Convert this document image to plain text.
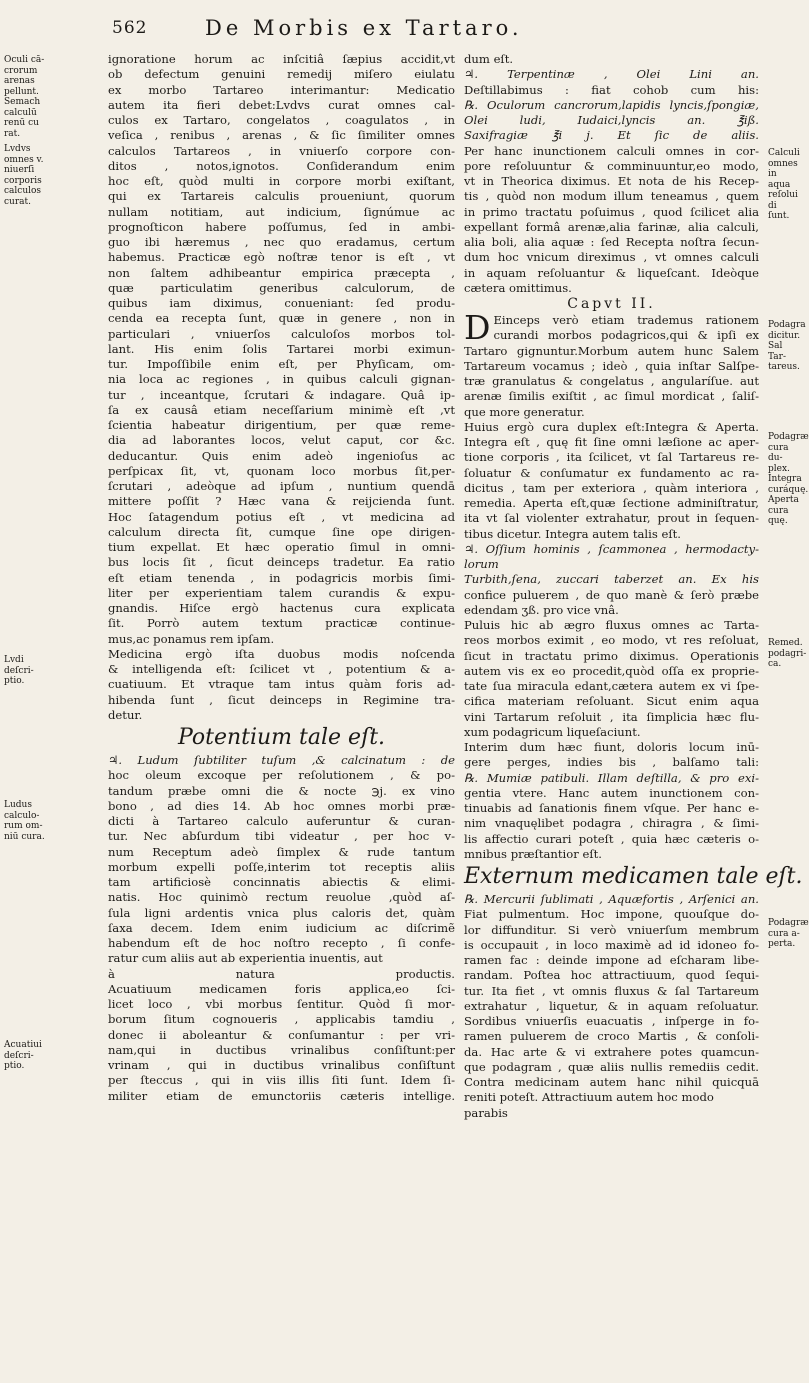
562	De Morbis ex Tartaro.
Oculi cā-
crorum
arenas
pellunt.
Semach
calculū
renū cu
rat.
Lvdvs
omnes v.
niuerſi
corporis
calculos
curat.
Lvdi
deſcri-
ptio.
Ludus
calculo-
rum om-
niū cura.
Acuatiui
deſcri-
ptio.
Calculi
omnes
in aqua
reſolui
di ſunt.
Podagra
dicitur.
Sal Tar-
tareus.
Podagræ
cura du-
plex.
Integra
curáquę.
Aperta
cura quę.
Remed.
podagri-
ca.
Podagræ
cura a-
perta.
ignoratione horum ac inſcitiâ ſæpius accidit,vt
ob defectum genuini remedij miſero eiulatu
ex morbo Tartareo interimantur: Medicatio
autem ita fieri debet:Lvdvs curat omnes cal-
culos ex Tartaro, congelatos , coagulatos , in
veſica , renibus , arenas , & ſic ſimiliter omnes
calculos Tartareos , in vniuerſo corpore con-
ditos , notos,ignotos. Conſiderandum enim
hoc eſt, quòd multi in corpore morbi exiſtant,
qui ex Tartareis calculis proueniunt, quorum
nullam notitiam, aut indicium, ſignúmue ac
prognoſticon habere poſſumus, ſed in ambi-
guo ibi hæremus , nec quo eradamus, certum
habemus. Practicæ egò noſtræ tenor is eſt , vt
non ſaltem adhibeantur empirica præcepta ,
quæ particulatim generibus calculorum, de
quibus iam diximus, conueniant: ſed produ-
cenda ea recepta ſunt, quæ in genere , non in
particulari , vniuerſos calculoſos morbos tol-
lant. His enim ſolis Tartarei morbi eximun-
tur. Impoſſibile enim eſt, per Phyſicam, om-
nia loca ac regiones , in quibus calculi gignan-
tur , inceantque, ſcrutari & indagare. Quâ ip-
ſa ex causâ etiam neceſſarium minimè eſt ,vt
ſcientia habeatur dirigentium, per quæ reme-
dia ad laborantes locos, velut caput, cor &c.
deducantur. Quis enim adeò ingenioſus ac
perſpicax ſit, vt, quonam loco morbus ſit,per-
ſcrutari , adeòque ad ipſum , nuntium quendā
mittere poſſit ? Hæc vana & reijcienda ſunt.
Hoc ſatagendum potius eſt , vt medicina ad
calculum directa ſit, cumque ſine ope dirigen-
tium expellat. Et hæc operatio ſimul in omni-
bus locis ſit , ſicut deinceps tradetur. Ea ratio
eſt etiam tenenda , in podagricis morbis ſimi-
liter per experientiam talem curandis & expu-
gnandis. Hiſce ergò hactenus cura explicata
ſit. Porrò autem textum practicæ continue-
mus,ac ponamus rem ipſam.
Medicina ergò iſta duobus modis noſcenda
& intelligenda eſt: ſcilicet vt , potentium & a-
cuatiuum. Et vtraque tam intus quàm foris ad-
hibenda ſunt , ſicut deinceps in Regimine tra-
detur.
Potentium tale eſt.
♃. Ludum ſubtiliter tuſum ,& calcinatum : de
hoc oleum excoque per reſolutionem , & po-
tandum præbe omni die & nocte ℈j. ex vino
bono , ad dies 14. Ab hoc omnes morbi præ-
dicti à Tartareo calculo auferuntur & curan-
tur. Nec abſurdum tibi videatur , per hoc v-
num Receptum adeò ſimplex & rude tantum
morbum expelli poſſe,interim tot receptis aliis
tam artificiosè concinnatis abiectis & elimi-
natis. Hoc quinimò rectum reuolue ,quòd aſ-
ſula ligni ardentis vnica plus caloris det, quàm
ſaxa decem. Idem enim iudicium ac diſcrimẽ
habendum eſt de hoc noſtro recepto , ſi confe-
ratur cum aliis aut ab experientia inuentis, aut
à natura productis.
Acuatiuum medicamen foris applica,eo ſci-
licet loco , vbi morbus ſentitur. Quòd ſi mor-
borum ſitum cognoueris , applicabis tamdiu ,
donec ii aboleantur & conſumantur : per vri-
nam,qui in ductibus vrinalibus conſiſtunt:per
vrinam , qui in ductibus vrinalibus conſiſtunt
per ſteccus , qui in viis illis ſiti ſunt. Idem ſi-
militer etiam de emunctoriis cæteris intellige.
dum eſt.
♃. Terpentinæ , Olei Lini an.
Deſtillabimus : fiat cohob cum his:
℞. Oculorum cancrorum,lapidis lyncis,ſpongiæ,
Olei ludi, Iudaici,lyncis an. ℥iß.
Saxifragiæ ℥i j. Et ſic de aliis.
Per hanc inunctionem calculi omnes in cor-
pore reſoluuntur & comminuuntur,eo modo,
vt in Theorica diximus. Et nota de his Recep-
tis , quòd non modum illum teneamus , quem
in primo tractatu poſuimus , quod ſcilicet alia
expellant formâ arenæ,alia farinæ, alia calculi,
alia boli, alia aquæ : ſed Recepta noſtra ſecun-
dum hoc vnicum direximus , vt omnes calculi
in aquam reſoluantur & liqueſcant. Ideòque
cætera omittimus.
Capvt II.
D Einceps verò etiam trademus rationem
curandi morbos podagricos,qui & ipſi ex
Tartaro gignuntur.Morbum autem hunc Salem
Tartareum vocamus ; ideò , quia inſtar Salſpe-
træ granulatus & congelatus , angularíſue. aut
arenæ ſimilis exiſtit , ac ſimul mordicat , ſaliſ-
que more generatur.
Huius ergò cura duplex eſt:Integra & Aperta.
Integra eſt , quę fit ſine omni læſione ac aper-
tione corporis , ita ſcilicet, vt ſal Tartareus re-
ſoluatur & conſumatur ex fundamento ac ra-
dicitus , tam per exteriora , quàm interiora ,
remedia. Aperta eſt,quæ ſectione adminiſtratur,
ita vt ſal violenter extrahatur, prout in ſequen-
tibus dicetur. Integra autem talis eſt.
♃. Oſſium hominis , ſcammonea , hermodacty-
lorum
Turbith,ſena, zuccari taberzet an. Ex his
confice puluerem , de quo manè & ſerò præbe
edendam ʒß. pro vice vnâ.
Puluis hic ab ægro fluxus omnes ac Tarta-
reos morbos eximit , eo modo, vt res reſoluat,
ſicut in tractatu primo diximus. Operationis
autem vis ex eo procedit,quòd oſſa ex proprie-
tate ſua miracula edant,cætera autem ex vi ſpe-
cifica materiam reſoluant. Sicut enim aqua
vini Tartarum reſoluit , ita ſimplicia hæc flu-
xum podagricum liqueſaciunt.
Interim dum hæc fiunt, doloris locum inū-
gere perges, indies bis , balſamo tali:
℞. Mumiæ patibuli. Illam deſtilla, & pro exi-
gentia vtere. Hanc autem inunctionem con-
tinuabis ad ſanationis finem vſque. Per hanc e-
nim vnaquęlibet podagra , chiragra , & ſimi-
lis affectio curari poteſt , quia hæc cæteris o-
mnibus præſtantior eſt.
Externum medicamen tale eſt.
℞. Mercurii ſublimati , Aquæfortis , Arſenici an.
Fiat pulmentum. Hoc impone, quouſque do-
lor diffunditur. Si verò vniuerſum membrum
is occupauit , in loco maximè ad id idoneo fo-
ramen fac : deinde impone ad eſcharam libe-
randam. Poſtea hoc attractiuum, quod ſequi-
tur. Ita fiet , vt omnis fluxus & ſal Tartareum
extrahatur , liquetur, & in aquam reſoluatur.
Sordibus vniuerſis euacuatis , inſperge in fo-
ramen puluerem de croco Martis , & conſoli-
da. Hac arte & vi extrahere potes quamcun-
que podagram , quæ aliis nullis remediis cedit.
Contra medicinam autem hanc nihil quicquā
reniti poteſt. Attractiuum autem hoc modo
parabis
